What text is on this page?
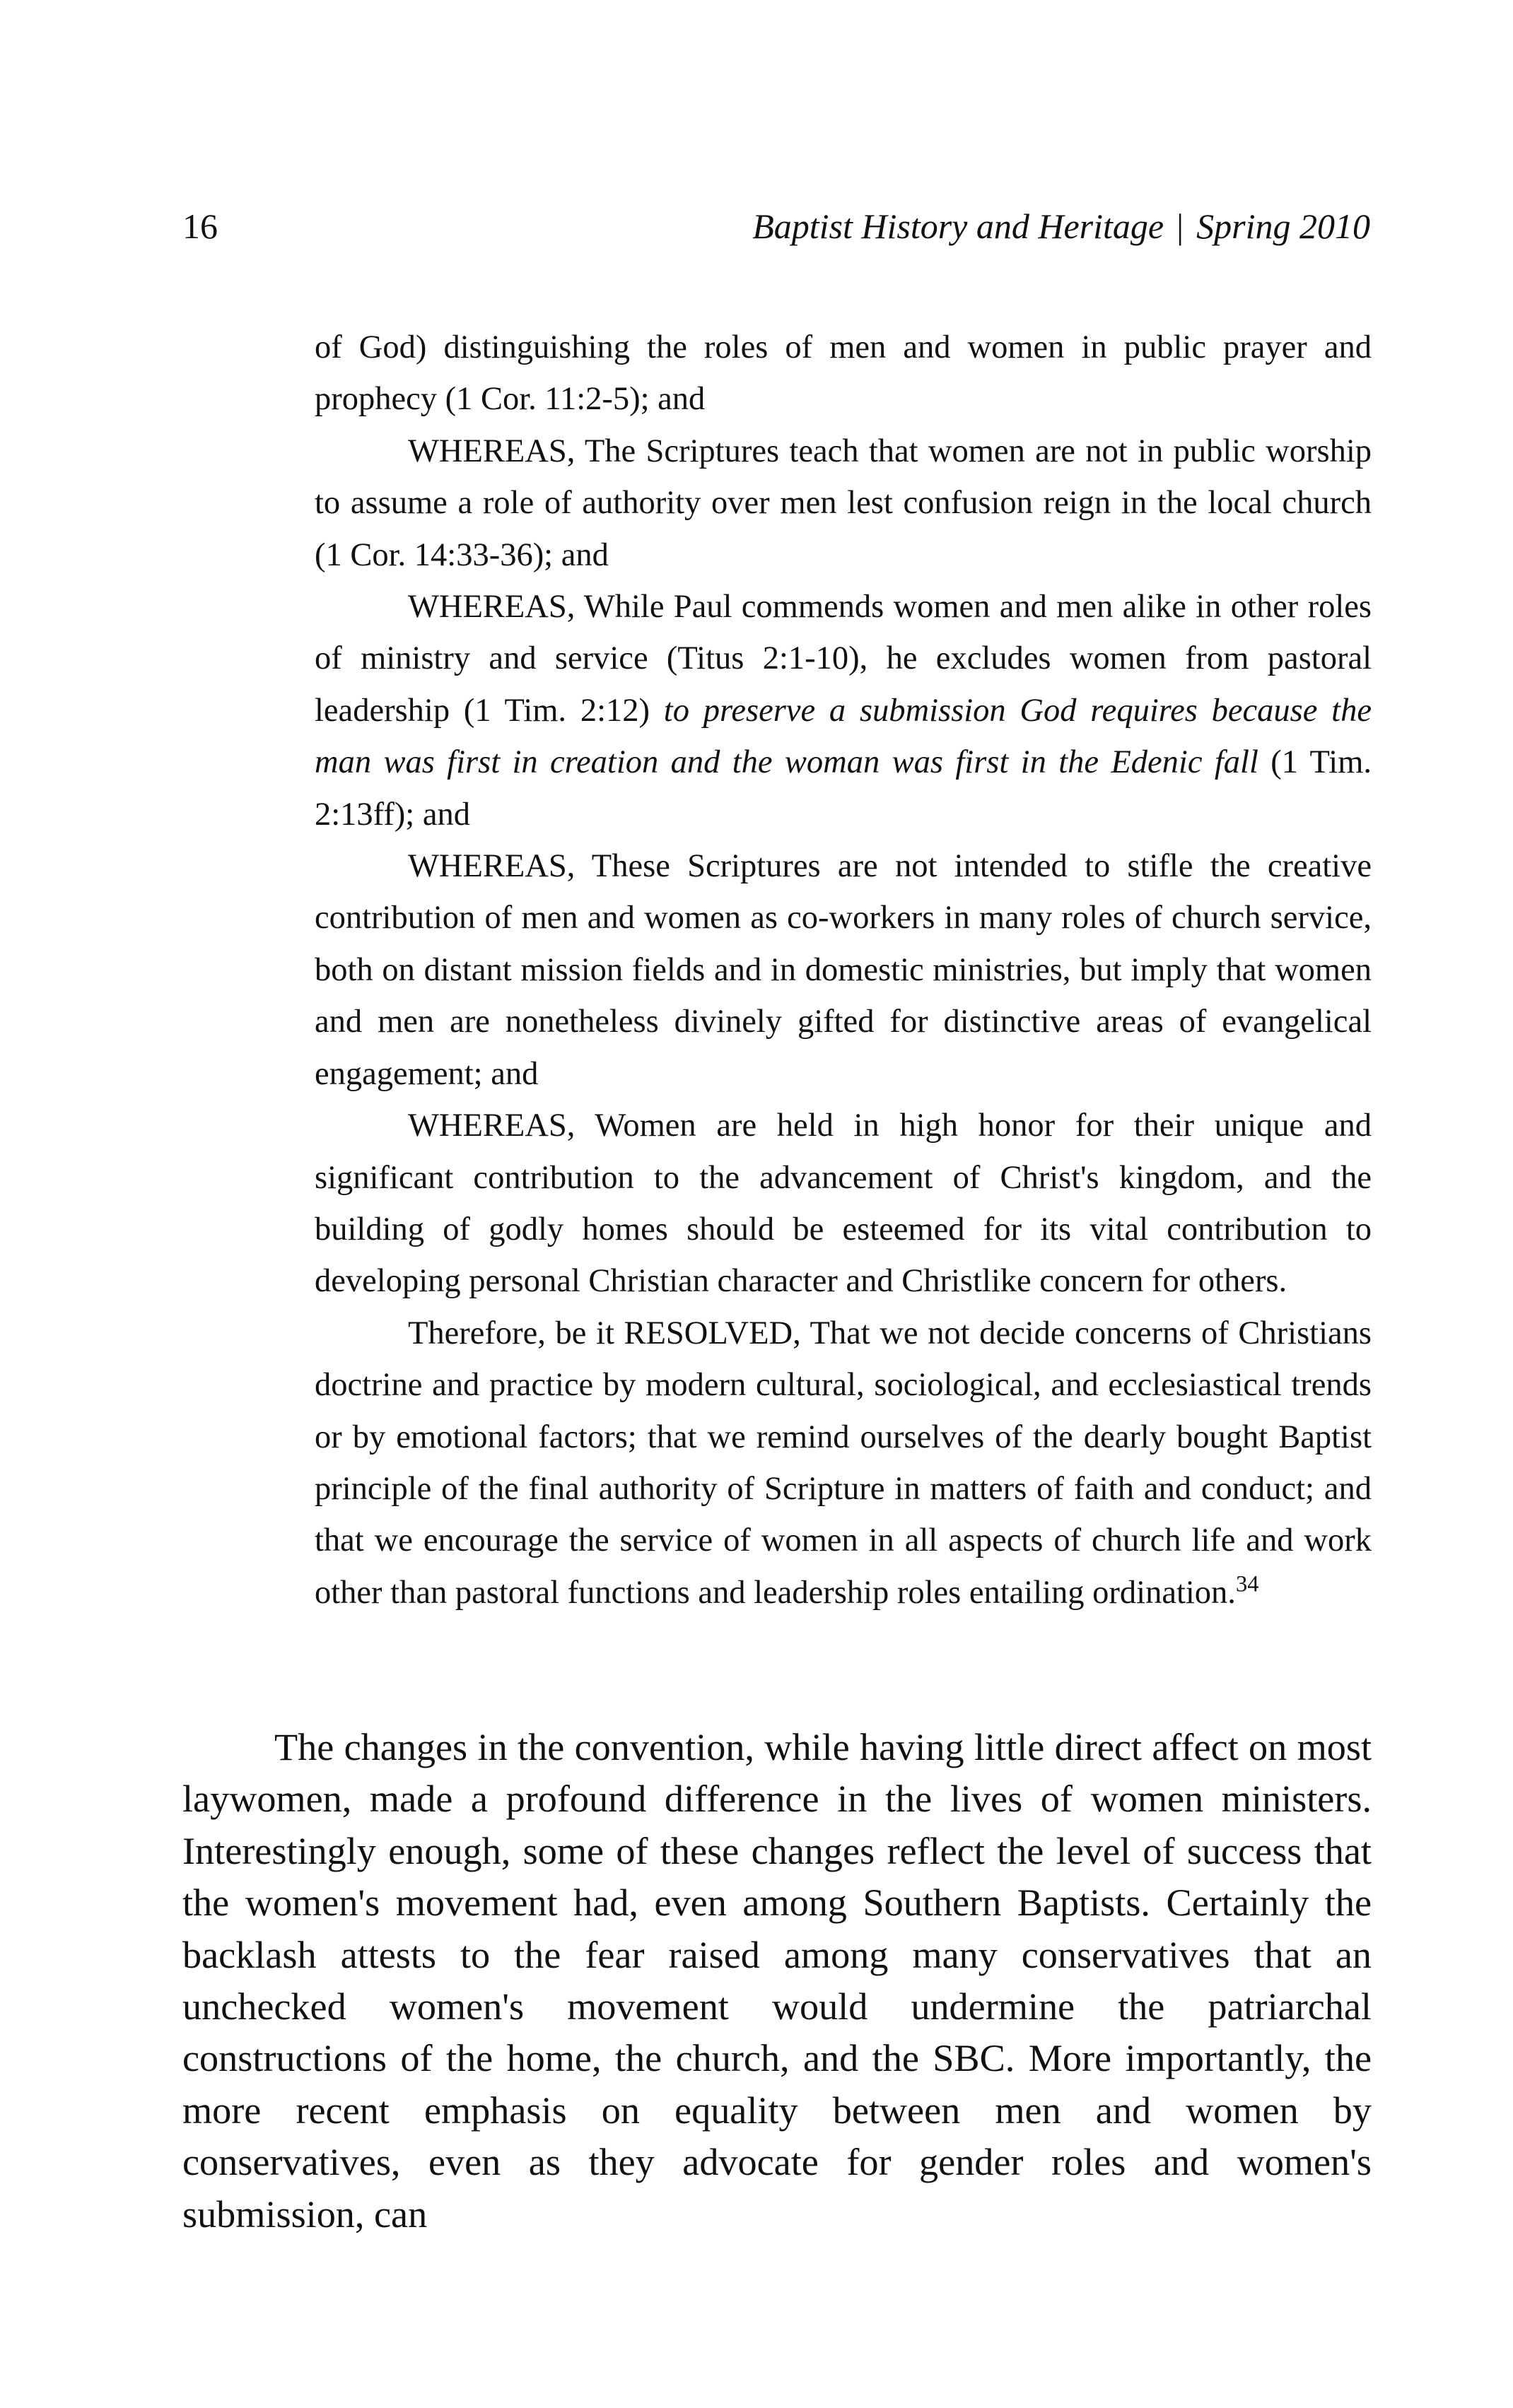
16	Baptist History and Heritage | Spring 2010

of God) distinguishing the roles of men and women in public prayer and prophecy (1 Cor. 11:2-5); and

WHEREAS, The Scriptures teach that women are not in public worship to assume a role of authority over men lest confusion reign in the local church (1 Cor. 14:33-36); and

WHEREAS, While Paul commends women and men alike in other roles of ministry and service (Titus 2:1-10), he excludes women from pastoral leadership (1 Tim. 2:12) to preserve a submission God requires because the man was first in creation and the woman was first in the Edenic fall (1 Tim. 2:13ff); and

WHEREAS, These Scriptures are not intended to stifle the creative contribution of men and women as co-workers in many roles of church service, both on distant mission fields and in domestic ministries, but imply that women and men are nonetheless divinely gifted for distinctive areas of evangelical engagement; and

WHEREAS, Women are held in high honor for their unique and significant contribution to the advancement of Christ's kingdom, and the building of godly homes should be esteemed for its vital contribution to developing personal Christian character and Christlike concern for others.

Therefore, be it RESOLVED, That we not decide concerns of Christians doctrine and practice by modern cultural, sociological, and ecclesiastical trends or by emotional factors; that we remind ourselves of the dearly bought Baptist principle of the final authority of Scripture in matters of faith and conduct; and that we encourage the service of women in all aspects of church life and work other than pastoral functions and leadership roles entailing ordination.$^{34}$

The changes in the convention, while having little direct affect on most laywomen, made a profound difference in the lives of women ministers. Interestingly enough, some of these changes reflect the level of success that the women's movement had, even among Southern Baptists. Certainly the backlash attests to the fear raised among many conservatives that an unchecked women's movement would undermine the patriarchal constructions of the home, the church, and the SBC. More importantly, the more recent emphasis on equality between men and women by conservatives, even as they advocate for gender roles and women's submission, can
